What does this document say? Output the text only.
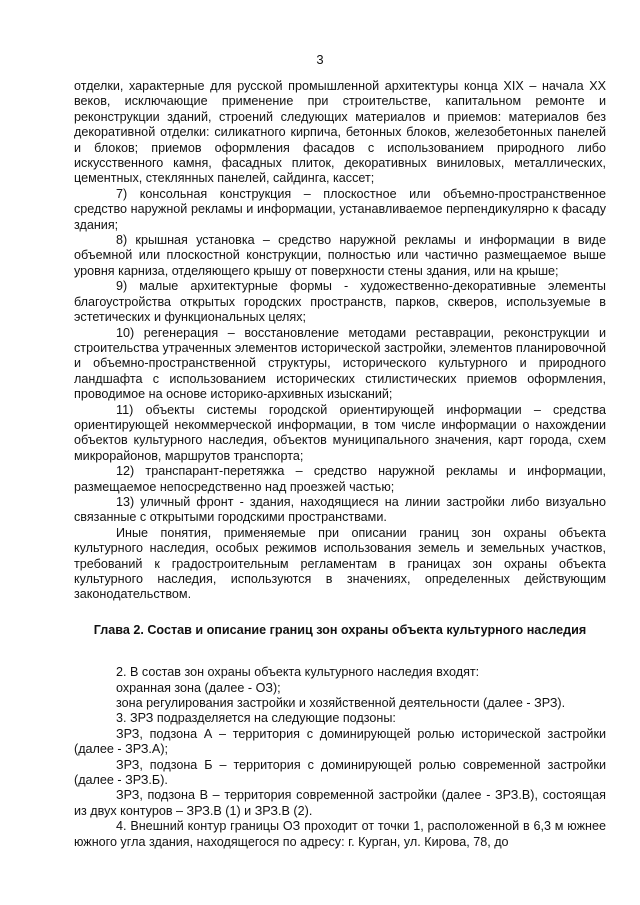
3

отделки, характерные для русской промышленной архитектуры конца XIX – начала XX веков, исключающие применение при строительстве, капитальном ремонте и реконструкции зданий, строений следующих материалов и приемов: материалов без декоративной отделки: силикатного кирпича, бетонных блоков, железобетонных панелей и блоков; приемов оформления фасадов с использованием природного либо искусственного камня, фасадных плиток, декоративных виниловых, металлических, цементных, стеклянных панелей, сайдинга, кассет;

7) консольная конструкция – плоскостное или объемно-пространственное средство наружной рекламы и информации, устанавливаемое перпендикулярно к фасаду здания;

8) крышная установка – средство наружной рекламы и информации в виде объемной или плоскостной конструкции, полностью или частично размещаемое выше уровня карниза, отделяющего крышу от поверхности стены здания, или на крыше;

9) малые архитектурные формы - художественно-декоративные элементы благоустройства открытых городских пространств, парков, скверов, используемые в эстетических и функциональных целях;

10) регенерация – восстановление методами реставрации, реконструкции и строительства утраченных элементов исторической застройки, элементов планировочной и объемно-пространственной структуры, исторического культурного и природного ландшафта с использованием исторических стилистических приемов оформления, проводимое на основе историко-архивных изысканий;

11) объекты системы городской ориентирующей информации – средства ориентирующей некоммерческой информации, в том числе информации о нахождении объектов культурного наследия, объектов муниципального значения, карт города, схем микрорайонов, маршрутов транспорта;

12) транспарант-перетяжка – средство наружной рекламы и информации, размещаемое непосредственно над проезжей частью;

13) уличный фронт - здания, находящиеся на линии застройки либо визуально связанные с открытыми городскими пространствами.

Иные понятия, применяемые при описании границ зон охраны объекта культурного наследия, особых режимов использования земель и земельных участков, требований к градостроительным регламентам в границах зон охраны объекта культурного наследия, используются в значениях, определенных действующим законодательством.

Глава 2. Состав и описание границ зон охраны объекта культурного наследия

2. В состав зон охраны объекта культурного наследия входят:

охранная зона (далее - ОЗ);

зона регулирования застройки и хозяйственной деятельности (далее - ЗРЗ).

3. ЗРЗ подразделяется на следующие подзоны:

ЗРЗ, подзона А – территория с доминирующей ролью исторической застройки (далее - ЗРЗ.А);

ЗРЗ, подзона Б – территория с доминирующей ролью современной застройки (далее - ЗРЗ.Б).

ЗРЗ, подзона В – территория современной застройки (далее - ЗРЗ.В), состоящая из двух контуров – ЗРЗ.В (1) и ЗРЗ.В (2).

4. Внешний контур границы ОЗ проходит от точки 1, расположенной в 6,3 м южнее южного угла здания, находящегося по адресу: г. Курган, ул. Кирова, 78, до
